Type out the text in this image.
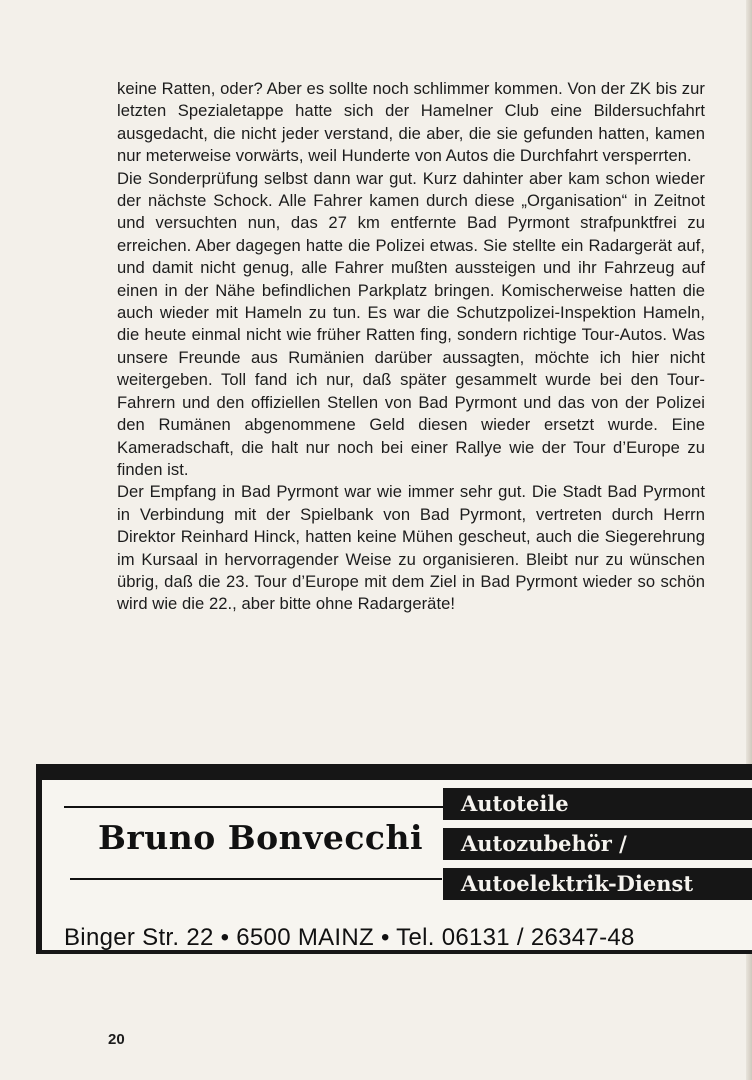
keine Ratten, oder? Aber es sollte noch schlimmer kommen. Von der ZK bis zur letzten Spezialetappe hatte sich der Hamelner Club eine Bildersuchfahrt ausgedacht, die nicht jeder verstand, die aber, die sie gefunden hatten, kamen nur meterweise vorwärts, weil Hunderte von Autos die Durchfahrt versperrten.

Die Sonderprüfung selbst dann war gut. Kurz dahinter aber kam schon wieder der nächste Schock. Alle Fahrer kamen durch diese „Organisation“ in Zeitnot und versuchten nun, das 27 km entfernte Bad Pyrmont strafpunktfrei zu erreichen. Aber dagegen hatte die Polizei etwas. Sie stellte ein Radargerät auf, und damit nicht genug, alle Fahrer mußten aussteigen und ihr Fahrzeug auf einen in der Nähe befindlichen Parkplatz bringen. Komischerweise hatten die auch wieder mit Hameln zu tun. Es war die Schutzpolizei-Inspektion Hameln, die heute einmal nicht wie früher Ratten fing, sondern richtige Tour-Autos. Was unsere Freunde aus Rumänien darüber aussagten, möchte ich hier nicht weitergeben. Toll fand ich nur, daß später gesammelt wurde bei den Tour-Fahrern und den offiziellen Stellen von Bad Pyrmont und das von der Polizei den Rumänen abgenommene Geld diesen wieder ersetzt wurde. Eine Kameradschaft, die halt nur noch bei einer Rallye wie der Tour d’Europe zu finden ist.

Der Empfang in Bad Pyrmont war wie immer sehr gut. Die Stadt Bad Pyrmont in Verbindung mit der Spielbank von Bad Pyrmont, vertreten durch Herrn Direktor Reinhard Hinck, hatten keine Mühen gescheut, auch die Siegerehrung im Kursaal in hervorragender Weise zu organisieren. Bleibt nur zu wünschen übrig, daß die 23. Tour d’Europe mit dem Ziel in Bad Pyrmont wieder so schön wird wie die 22., aber bitte ohne Radargeräte!

Bruno Bonvecchi
Autoteile
Autozubehör /
Autoelektrik-Dienst
Binger Str. 22 • 6500 MAINZ • Tel. 06131 / 26347-48
20
